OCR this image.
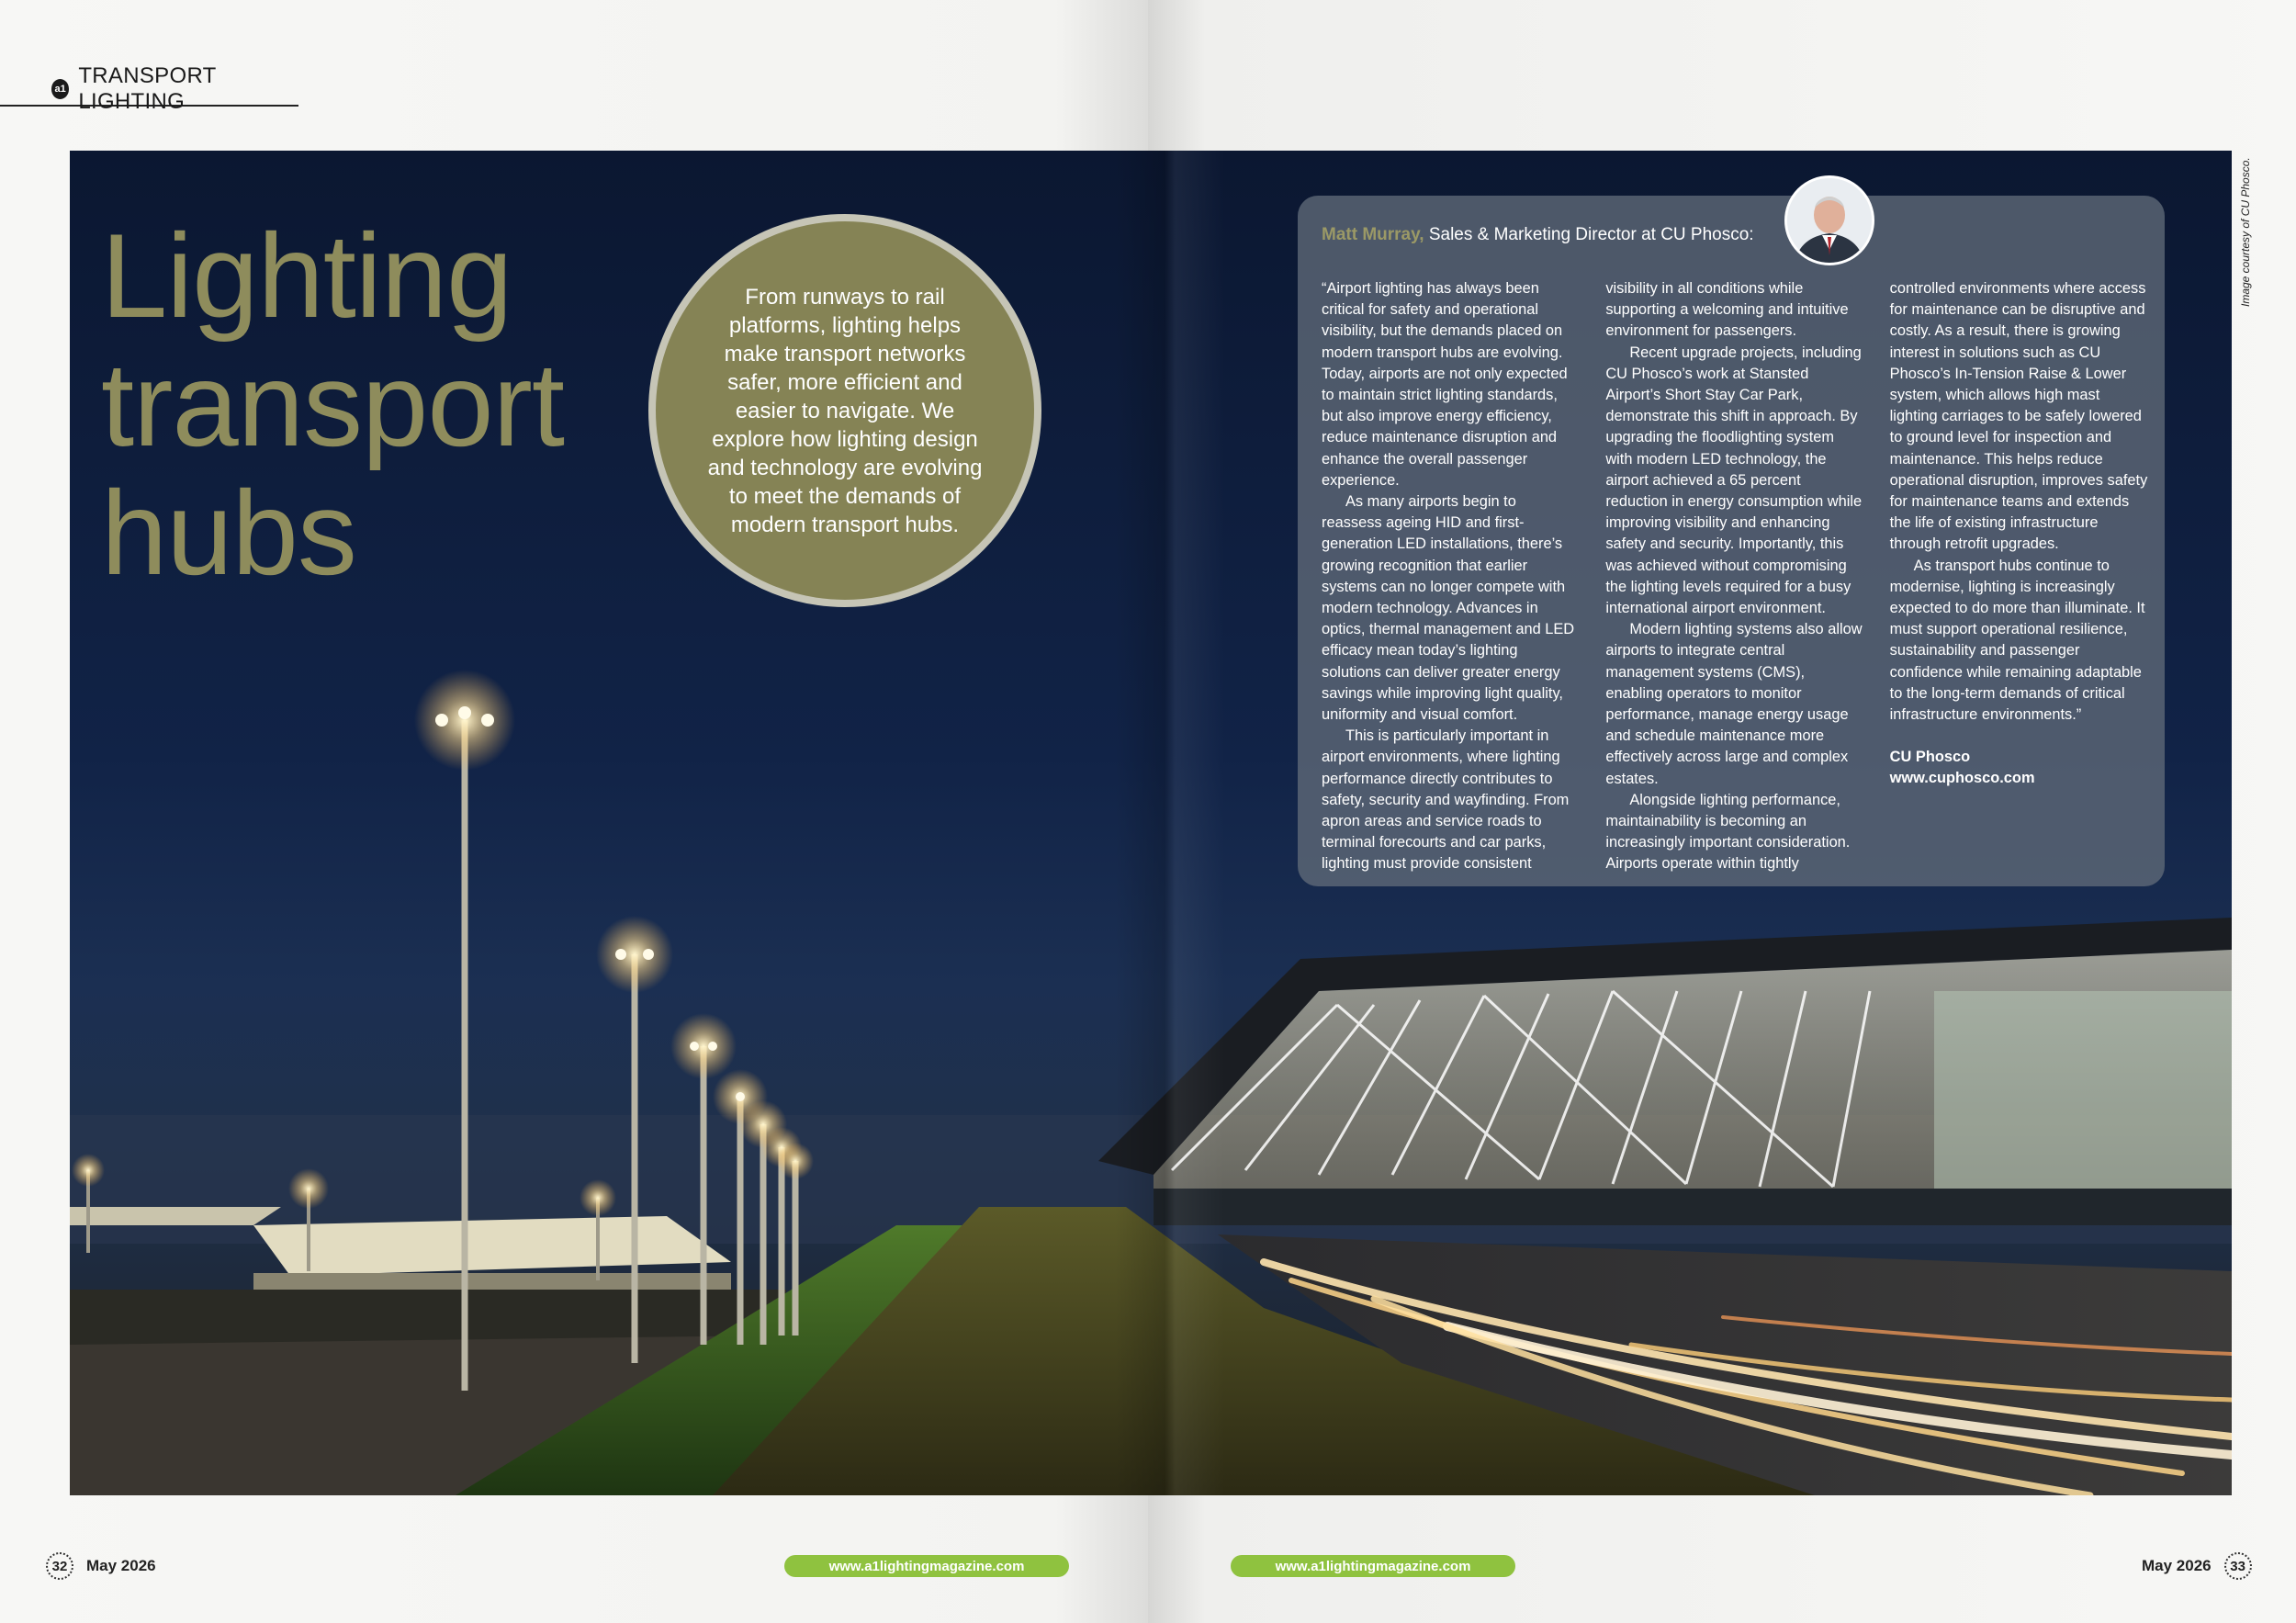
a1
TRANSPORT LIGHTING
Lighting
transport
hubs

From runways to rail platforms, lighting helps make transport networks safer, more efficient and easier to navigate. We explore how lighting design and technology are evolving to meet the demands of modern transport hubs.

Matt Murray, Sales & Marketing Director at CU Phosco:

“Airport lighting has always been critical for safety and operational visibility, but the demands placed on modern transport hubs are evolving. Today, airports are not only expected to maintain strict lighting standards, but also improve energy efficiency, reduce maintenance disruption and enhance the overall passenger experience.

As many airports begin to reassess ageing HID and first-generation LED installations, there’s growing recognition that earlier systems can no longer compete with modern technology. Advances in optics, thermal management and LED efficacy mean today’s lighting solutions can deliver greater energy savings while improving light quality, uniformity and visual comfort.

This is particularly important in airport environments, where lighting performance directly contributes to safety, security and wayfinding. From apron areas and service roads to terminal forecourts and car parks, lighting must provide consistent

visibility in all conditions while supporting a welcoming and intuitive environment for passengers.

Recent upgrade projects, including CU Phosco’s work at Stansted Airport’s Short Stay Car Park, demonstrate this shift in approach. By upgrading the floodlighting system with modern LED technology, the airport achieved a 65 percent reduction in energy consumption while improving visibility and enhancing safety and security. Importantly, this was achieved without compromising the lighting levels required for a busy international airport environment.

Modern lighting systems also allow airports to integrate central management systems (CMS), enabling operators to monitor performance, manage energy usage and schedule maintenance more effectively across large and complex estates.

Alongside lighting performance, maintainability is becoming an increasingly important consideration. Airports operate within tightly

controlled environments where access for maintenance can be disruptive and costly. As a result, there is growing interest in solutions such as CU Phosco’s In-Tension Raise & Lower system, which allows high mast lighting carriages to be safely lowered to ground level for inspection and maintenance. This helps reduce operational disruption, improves safety for maintenance teams and extends the life of existing infrastructure through retrofit upgrades.

As transport hubs continue to modernise, lighting is increasingly expected to do more than illuminate. It must support operational resilience, sustainability and passenger confidence while remaining adaptable to the long-term demands of critical infrastructure environments.”

CU Phosco

www.cuphosco.com

Image courtesy of CU Phosco.
32	May 2026	www.a1lightingmagazine.com	www.a1lightingmagazine.com	May 2026	33
